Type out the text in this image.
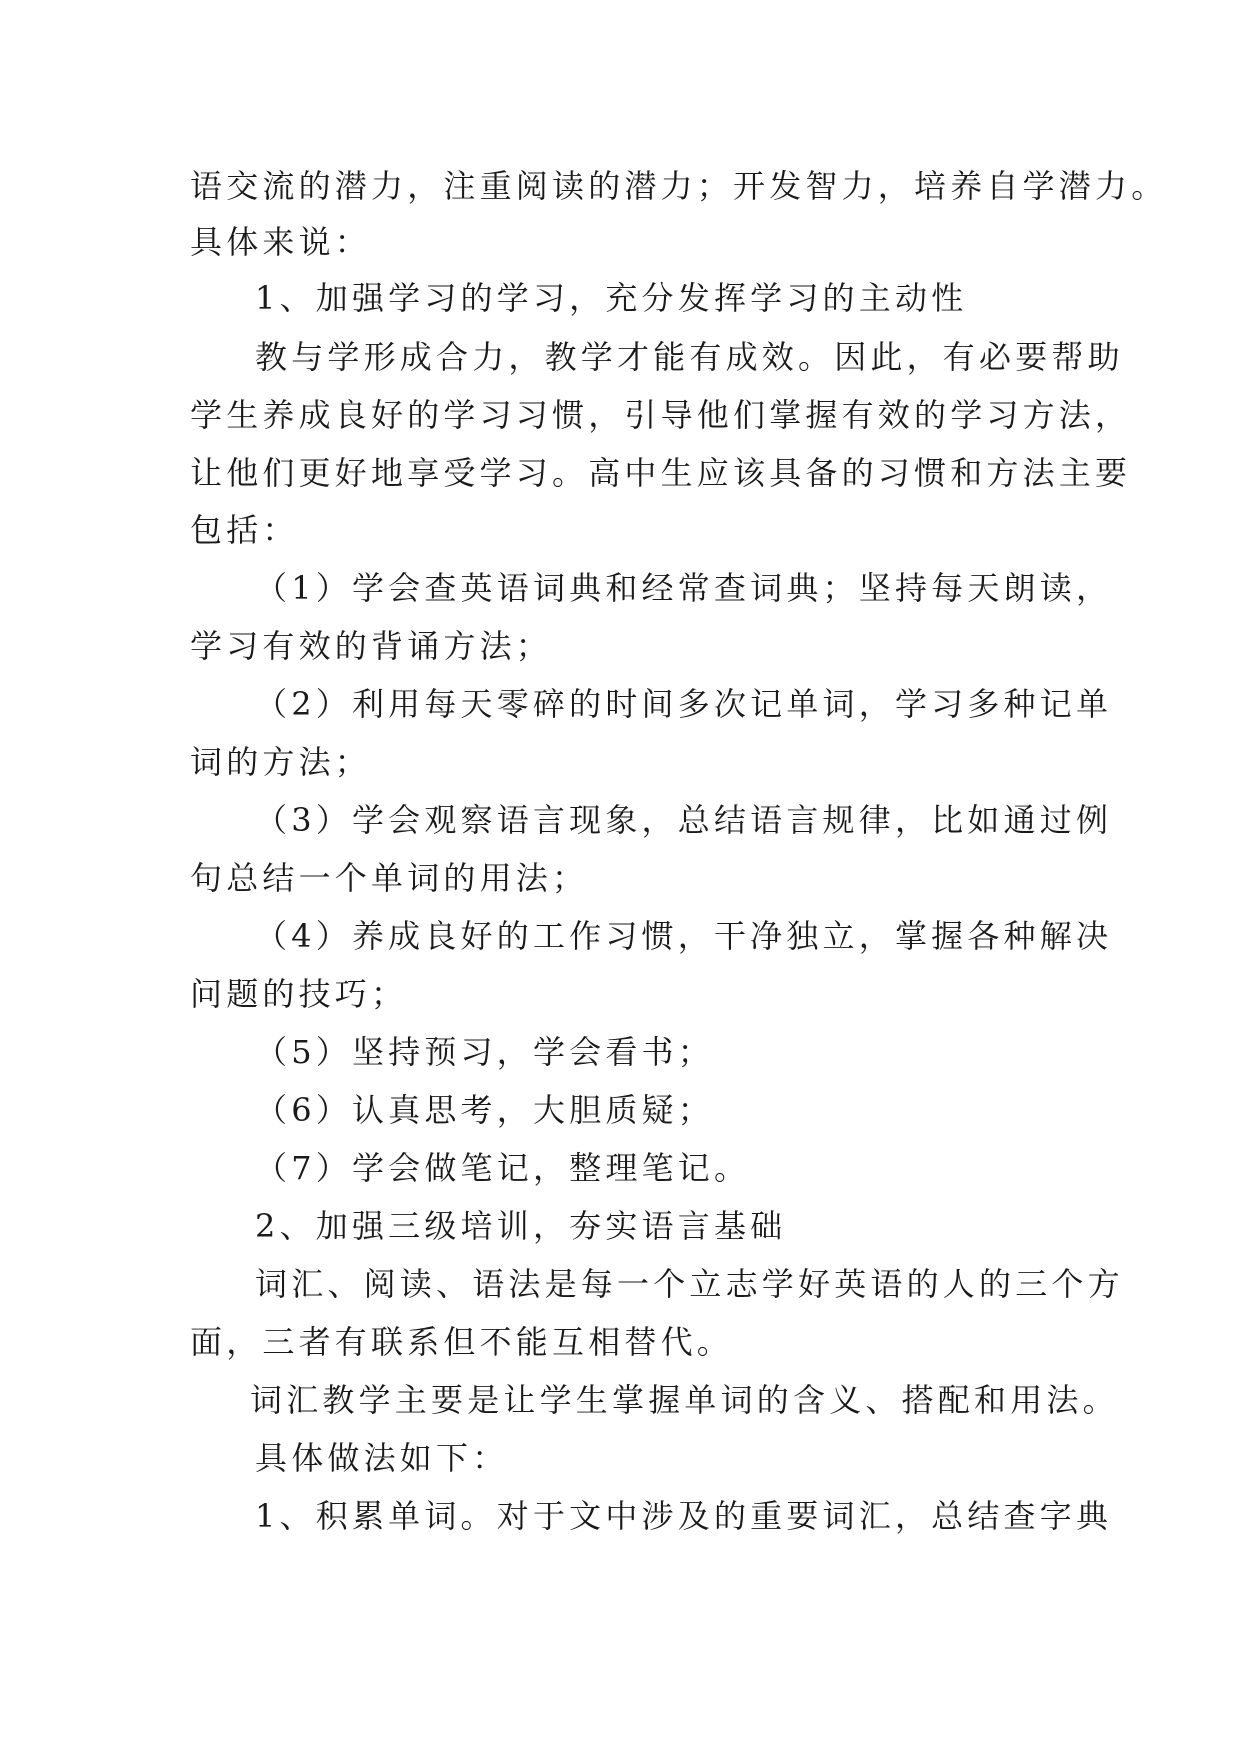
语交流的潜力，注重阅读的潜力；开发智力，培养自学潜力。
具体来说：
1、加强学习的学习，充分发挥学习的主动性
教与学形成合力，教学才能有成效。因此，有必要帮助
学生养成良好的学习习惯，引导他们掌握有效的学习方法，
让他们更好地享受学习。高中生应该具备的习惯和方法主要
包括：
（1）学会查英语词典和经常查词典；坚持每天朗读，
学习有效的背诵方法；
（2）利用每天零碎的时间多次记单词，学习多种记单
词的方法；
（3）学会观察语言现象，总结语言规律，比如通过例
句总结一个单词的用法；
（4）养成良好的工作习惯，干净独立，掌握各种解决
问题的技巧；
（5）坚持预习，学会看书；
（6）认真思考，大胆质疑；
（7）学会做笔记，整理笔记。
2、加强三级培训，夯实语言基础
词汇、阅读、语法是每一个立志学好英语的人的三个方
面，三者有联系但不能互相替代。
词汇教学主要是让学生掌握单词的含义、搭配和用法。
具体做法如下：
1、积累单词。对于文中涉及的重要词汇，总结查字典
